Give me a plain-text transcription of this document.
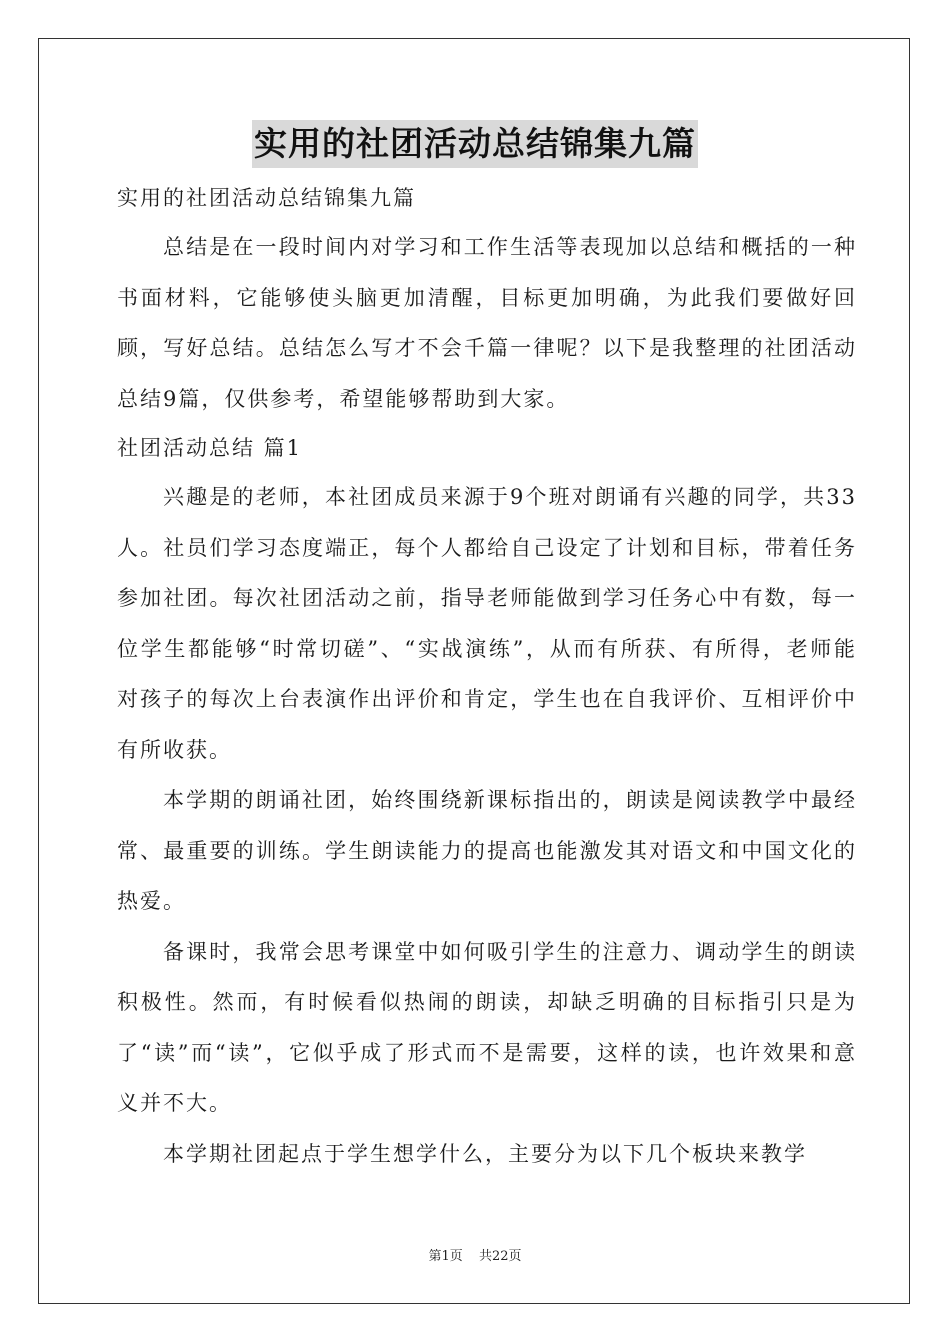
实用的社团活动总结锦集九篇
实用的社团活动总结锦集九篇

总结是在一段时间内对学习和工作生活等表现加以总结和概括的一种书面材料，它能够使头脑更加清醒，目标更加明确，为此我们要做好回顾，写好总结。总结怎么写才不会千篇一律呢？以下是我整理的社团活动总结9篇，仅供参考，希望能够帮助到大家。

社团活动总结 篇1

兴趣是的老师，本社团成员来源于9个班对朗诵有兴趣的同学，共33人。社员们学习态度端正，每个人都给自己设定了计划和目标，带着任务参加社团。每次社团活动之前，指导老师能做到学习任务心中有数，每一位学生都能够“时常切磋”、“实战演练”，从而有所获、有所得，老师能对孩子的每次上台表演作出评价和肯定，学生也在自我评价、互相评价中有所收获。

本学期的朗诵社团，始终围绕新课标指出的，朗读是阅读教学中最经常、最重要的训练。学生朗读能力的提高也能激发其对语文和中国文化的热爱。

备课时，我常会思考课堂中如何吸引学生的注意力、调动学生的朗读积极性。然而，有时候看似热闹的朗读，却缺乏明确的目标指引只是为了“读”而“读”，它似乎成了形式而不是需要，这样的读，也许效果和意义并不大。

本学期社团起点于学生想学什么，主要分为以下几个板块来教学

第1页 共22页
